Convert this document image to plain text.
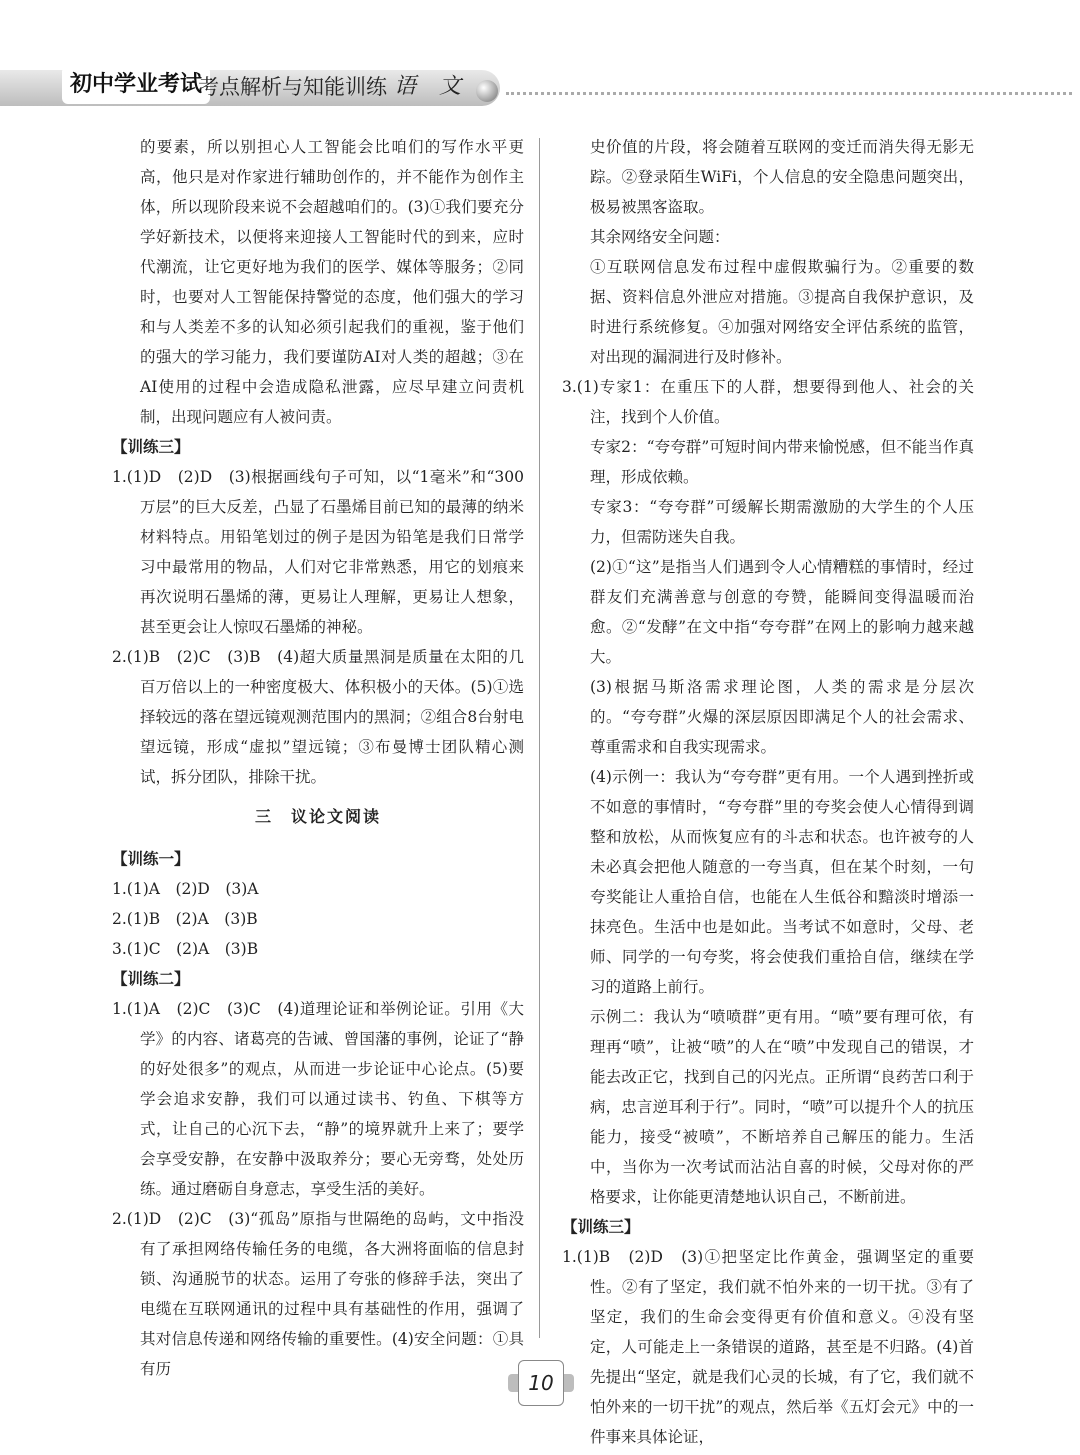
初中学业考试
考点解析与知能训练 语 文

的要素，所以别担心人工智能会比咱们的写作水平更高，他只是对作家进行辅助创作的，并不能作为创作主体，所以现阶段来说不会超越咱们的。(3)①我们要充分学好新技术，以便将来迎接人工智能时代的到来，应时代潮流，让它更好地为我们的医学、媒体等服务；②同时，也要对人工智能保持警觉的态度，他们强大的学习和与人类差不多的认知必须引起我们的重视，鉴于他们的强大的学习能力，我们要谨防AI对人类的超越；③在AI使用的过程中会造成隐私泄露，应尽早建立问责机制，出现问题应有人被问责。

【训练三】

1.(1)D　(2)D　(3)根据画线句子可知，以“1毫米”和“300万层”的巨大反差，凸显了石墨烯目前已知的最薄的纳米材料特点。用铅笔划过的例子是因为铅笔是我们日常学习中最常用的物品，人们对它非常熟悉，用它的划痕来再次说明石墨烯的薄，更易让人理解，更易让人想象，甚至更会让人惊叹石墨烯的神秘。

2.(1)B　(2)C　(3)B　(4)超大质量黑洞是质量在太阳的几百万倍以上的一种密度极大、体积极小的天体。(5)①选择较远的落在望远镜观测范围内的黑洞；②组合8台射电望远镜，形成“虚拟”望远镜；③布曼博士团队精心测试，拆分团队，排除干扰。

三　议论文阅读

【训练一】

1.(1)A　(2)D　(3)A

2.(1)B　(2)A　(3)B

3.(1)C　(2)A　(3)B

【训练二】

1.(1)A　(2)C　(3)C　(4)道理论证和举例论证。引用《大学》的内容、诸葛亮的告诫、曾国藩的事例，论证了“静的好处很多”的观点，从而进一步论证中心论点。(5)要学会追求安静，我们可以通过读书、钓鱼、下棋等方式，让自己的心沉下去，“静”的境界就升上来了；要学会享受安静，在安静中汲取养分；要心无旁骛，处处历练。通过磨砺自身意志，享受生活的美好。

2.(1)D　(2)C　(3)“孤岛”原指与世隔绝的岛屿，文中指没有了承担网络传输任务的电缆，各大洲将面临的信息封锁、沟通脱节的状态。运用了夸张的修辞手法，突出了电缆在互联网通讯的过程中具有基础性的作用，强调了其对信息传递和网络传输的重要性。(4)安全问题：①具有历

史价值的片段，将会随着互联网的变迁而消失得无影无踪。②登录陌生WiFi，个人信息的安全隐患问题突出，极易被黑客盗取。

其余网络安全问题：

①互联网信息发布过程中虚假欺骗行为。②重要的数据、资料信息外泄应对措施。③提高自我保护意识，及时进行系统修复。④加强对网络安全评估系统的监管，对出现的漏洞进行及时修补。

3.(1)专家1：在重压下的人群，想要得到他人、社会的关注，找到个人价值。

专家2：“夸夸群”可短时间内带来愉悦感，但不能当作真理，形成依赖。

专家3：“夸夸群”可缓解长期需激励的大学生的个人压力，但需防迷失自我。

(2)①“这”是指当人们遇到令人心情糟糕的事情时，经过群友们充满善意与创意的夸赞，能瞬间变得温暖而治愈。②“发酵”在文中指“夸夸群”在网上的影响力越来越大。

(3)根据马斯洛需求理论图，人类的需求是分层次的。“夸夸群”火爆的深层原因即满足个人的社会需求、尊重需求和自我实现需求。

(4)示例一：我认为“夸夸群”更有用。一个人遇到挫折或不如意的事情时，“夸夸群”里的夸奖会使人心情得到调整和放松，从而恢复应有的斗志和状态。也许被夸的人未必真会把他人随意的一夸当真，但在某个时刻，一句夸奖能让人重拾自信，也能在人生低谷和黯淡时增添一抹亮色。生活中也是如此。当考试不如意时，父母、老师、同学的一句夸奖，将会使我们重拾自信，继续在学习的道路上前行。

示例二：我认为“喷喷群”更有用。“喷”要有理可依，有理再“喷”，让被“喷”的人在“喷”中发现自己的错误，才能去改正它，找到自己的闪光点。正所谓“良药苦口利于病，忠言逆耳利于行”。同时，“喷”可以提升个人的抗压能力，接受“被喷”，不断培养自己解压的能力。生活中，当你为一次考试而沾沾自喜的时候，父母对你的严格要求，让你能更清楚地认识自己，不断前进。

【训练三】

1.(1)B　(2)D　(3)①把坚定比作黄金，强调坚定的重要性。②有了坚定，我们就不怕外来的一切干扰。③有了坚定，我们的生命会变得更有价值和意义。④没有坚定，人可能走上一条错误的道路，甚至是不归路。(4)首先提出“坚定，就是我们心灵的长城，有了它，我们就不怕外来的一切干扰”的观点，然后举《五灯会元》中的一件事来具体论证，

10
